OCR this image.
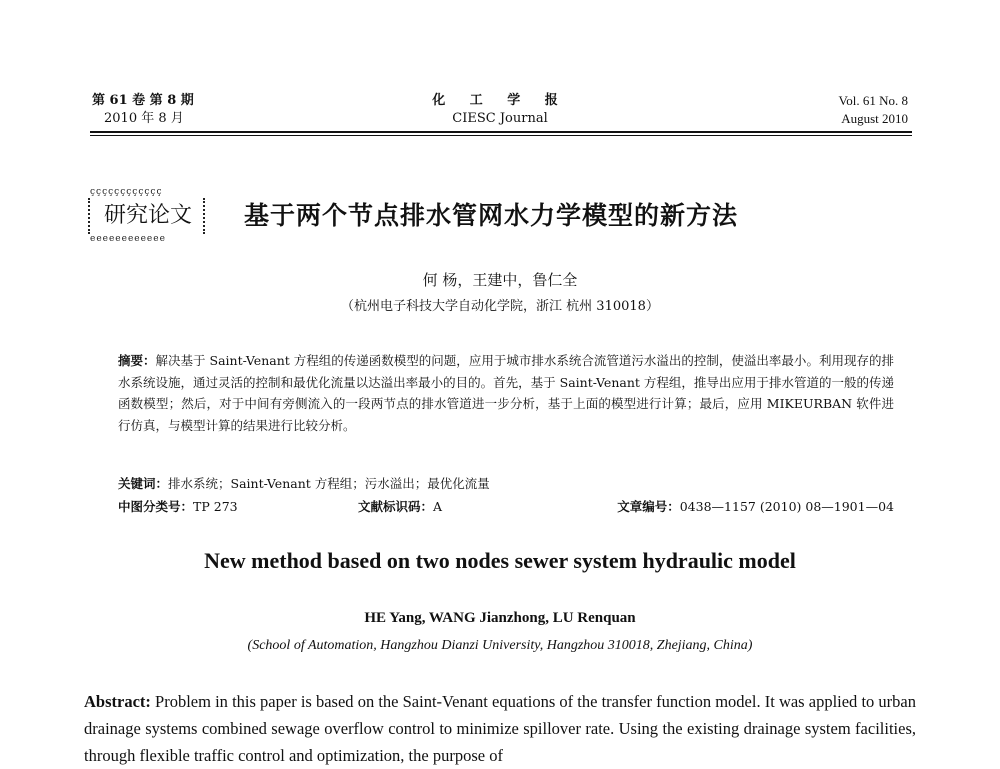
第 61 卷 第 8 期
2010 年 8 月
化 工 学 报
CIESC Journal
Vol. 61 No. 8
August 2010
çççççççççççç
研究论文
èèèèèèèèèèèè
基于两个节点排水管网水力学模型的新方法
何 杨，王建中，鲁仁全
（杭州电子科技大学自动化学院，浙江 杭州 310018）
摘要：解决基于 Saint-Venant 方程组的传递函数模型的问题，应用于城市排水系统合流管道污水溢出的控制，使溢出率最小。利用现存的排水系统设施，通过灵活的控制和最优化流量以达溢出率最小的目的。首先，基于 Saint-Venant 方程组，推导出应用于排水管道的一般的传递函数模型；然后，对于中间有旁侧流入的一段两节点的排水管道进一步分析，基于上面的模型进行计算；最后，应用 MIKEURBAN 软件进行仿真，与模型计算的结果进行比较分析。
关键词：排水系统；Saint-Venant 方程组；污水溢出；最优化流量
中图分类号：TP 273	文献标识码：A	文章编号：0438—1157 (2010) 08—1901—04
New method based on two nodes sewer system hydraulic model
HE Yang, WANG Jianzhong, LU Renquan
(School of Automation, Hangzhou Dianzi University, Hangzhou 310018, Zhejiang, China)
Abstract: Problem in this paper is based on the Saint-Venant equations of the transfer function model. It was applied to urban drainage systems combined sewage overflow control to minimize spillover rate. Using the existing drainage system facilities, through flexible traffic control and optimization, the purpose of
